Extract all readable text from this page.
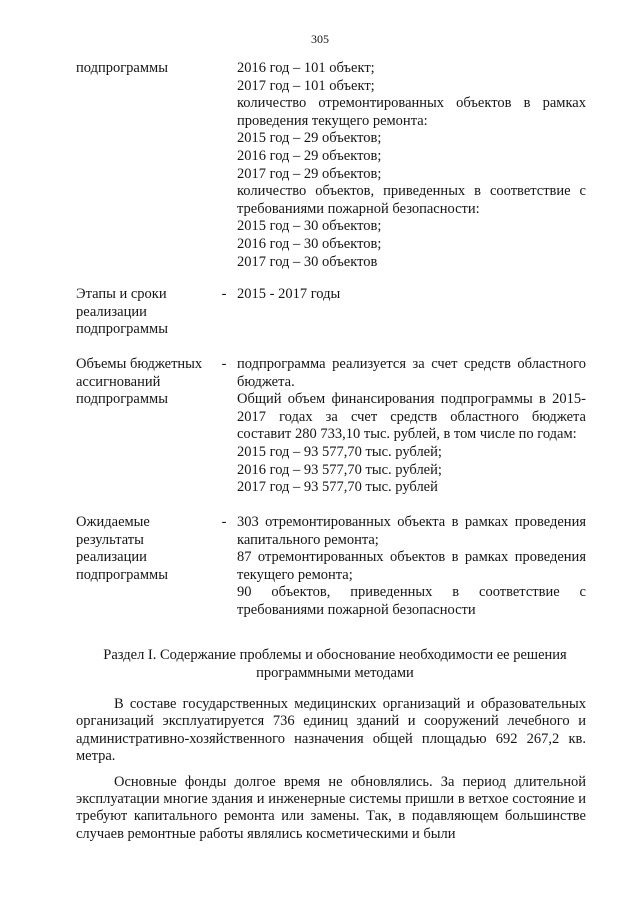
305
подпрограммы	2016 год – 101 объект;

2017 год – 101 объект;

количество отремонтированных объектов в рамках проведения текущего ремонта:

2015 год – 29 объектов;

2016 год – 29 объектов;

2017 год – 29 объектов;

количество объектов, приведенных в соответствие с требованиями пожарной безопасности:

2015 год – 30 объектов;

2016 год – 30 объектов;

2017 год – 30 объектов

Этапы и сроки реализации подпрограммы
- 2015 - 2017 годы

Объемы бюджетных ассигнований подпрограммы
- подпрограмма реализуется за счет средств областного бюджета.

Общий объем финансирования подпрограммы в 2015-2017 годах за счет средств областного бюджета составит 280 733,10 тыс. рублей, в том числе по годам:

2015 год – 93 577,70 тыс. рублей;

2016 год – 93 577,70 тыс. рублей;

2017 год – 93 577,70 тыс. рублей

Ожидаемые результаты реализации подпрограммы
- 303 отремонтированных объекта в рамках проведения капитального ремонта;

87 отремонтированных объектов в рамках проведения текущего ремонта;

90 объектов, приведенных в соответствие с требованиями пожарной безопасности

Раздел I. Содержание проблемы и обоснование необходимости ее решения программными методами

В составе государственных медицинских организаций и образовательных организаций эксплуатируется 736 единиц зданий и сооружений лечебного и административно-хозяйственного назначения общей площадью 692 267,2 кв. метра.

Основные фонды долгое время не обновлялись. За период длительной эксплуатации многие здания и инженерные системы пришли в ветхое состояние и требуют капитального ремонта или замены. Так, в подавляющем большинстве случаев ремонтные работы являлись косметическими и были
